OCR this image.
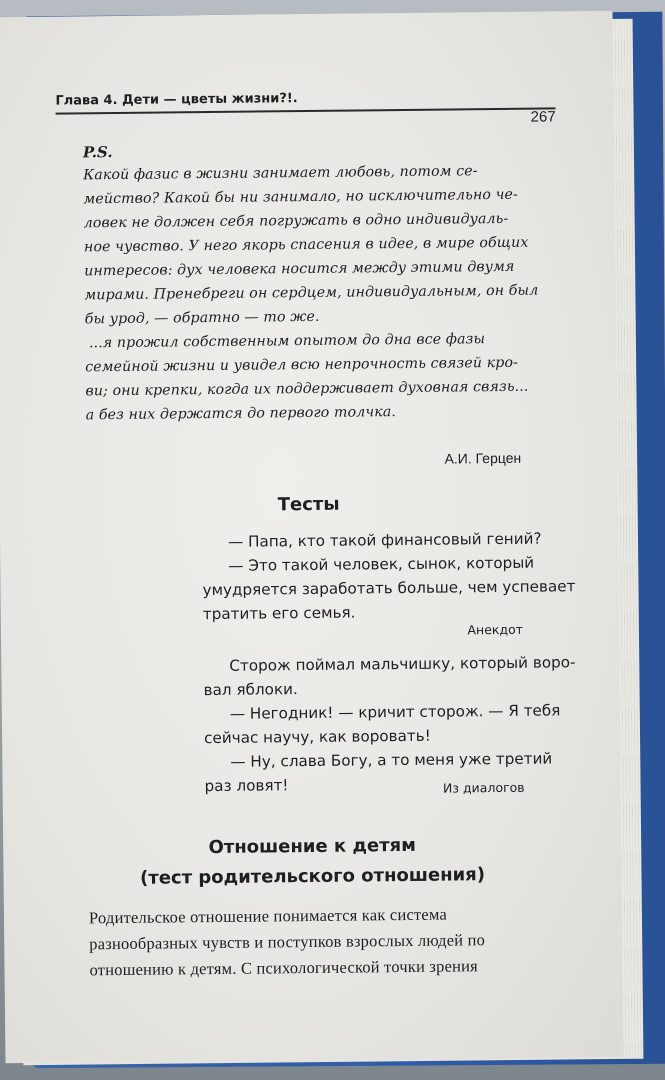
Глава 4. Дети — цветы жизни?!.
267
P.S.
Какой фазис в жизни занимает любовь, потом се-
мейство? Какой бы ни занимало, но исключительно че-
ловек не должен себя погружать в одно индивидуаль-
ное чувство. У него якорь спасения в идее, в мире общих
интересов: дух человека носится между этими двумя
мирами. Пренебреги он сердцем, индивидуальным, он был
бы урод, — обратно — то же.
...я прожил собственным опытом до дна все фазы
семейной жизни и увидел всю непрочность связей кро-
ви; они крепки, когда их поддерживает духовная связь...
а без них держатся до первого толчка.
А.И. Герцен
Тесты
— Папа, кто такой финансовый гений?
— Это такой человек, сынок, который
умудряется заработать больше, чем успевает
тратить его семья.
Анекдот
Сторож поймал мальчишку, который воро-
вал яблоки.
— Негодник! — кричит сторож. — Я тебя
сейчас научу, как воровать!
— Ну, слава Богу, а то меня уже третий
раз ловят!	Из диалогов
Отношение к детям
(тест родительского отношения)
Родительское отношение понимается как система
разнообразных чувств и поступков взрослых людей по
отношению к детям. С психологической точки зрения
